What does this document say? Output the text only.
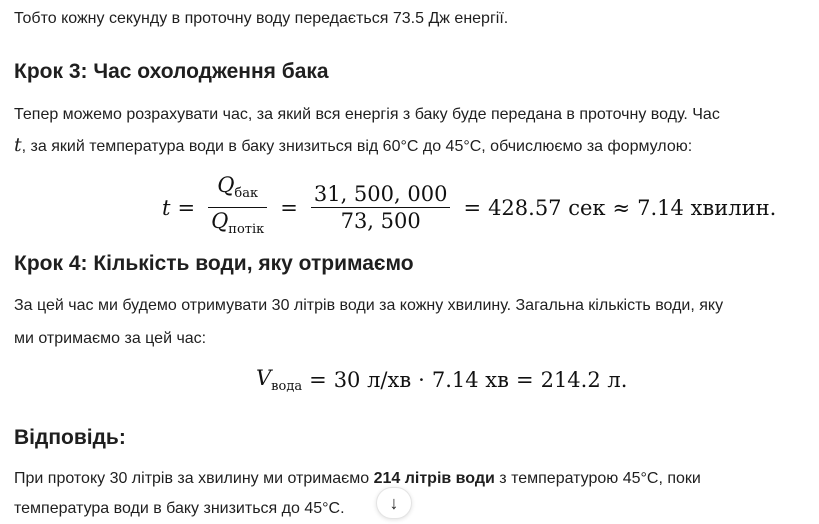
Тобто кожну секунду в проточну воду передається 73.5 Дж енергії.
Крок 3: Час охолодження бака
Тепер можемо розрахувати час, за який вся енергія з баку буде передана в проточну воду. Час
t, за який температура води в баку знизиться від 60°C до 45°C, обчислюємо за формулою:
$t = \frac{Q_{бак}}{Q_{потік}} = \frac{31, 500, 000}{73, 500} = 428.57$ сек ≈ 7.14 хвилин.
Крок 4: Кількість води, яку отримаємо
За цей час ми будемо отримувати 30 літрів води за кожну хвилину. Загальна кількість води, яку
ми отримаємо за цей час:
$V_{вода} = 30$ л/хв · 7.14 хв = 214.2 л.
Відповідь:
При протоку 30 літрів за хвилину ми отримаємо 214 літрів води з температурою 45°C, поки
температура води в баку знизиться до 45°C. ↓
